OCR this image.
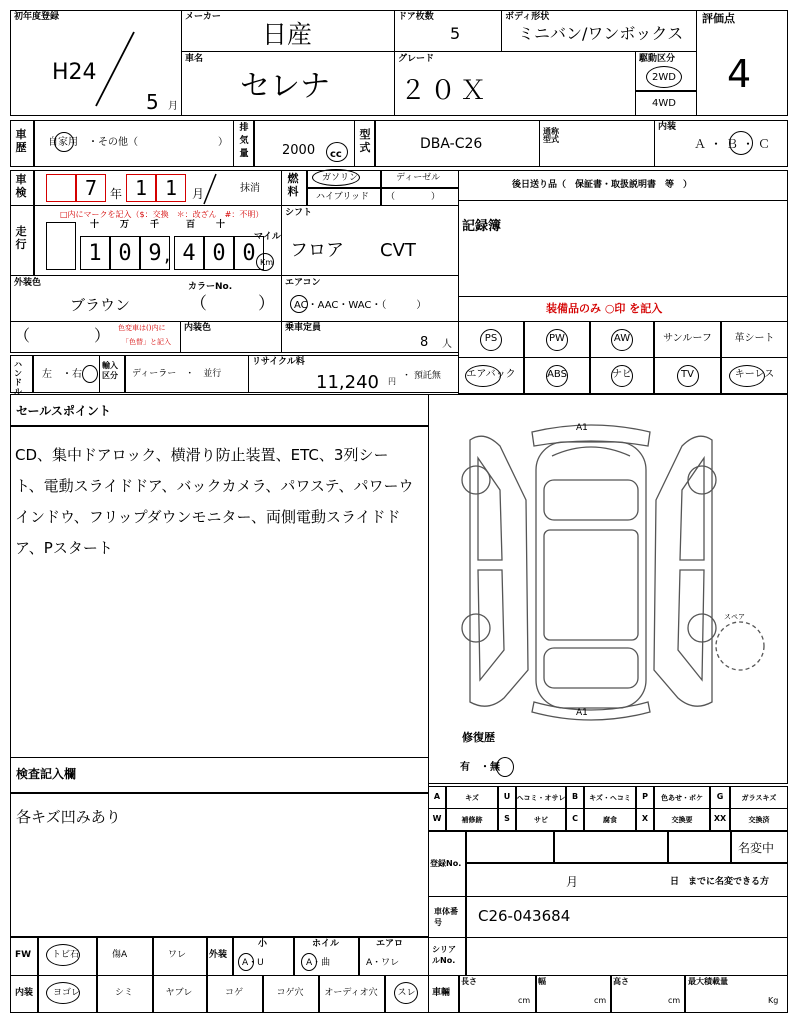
初年度登録
H24
5 月
メーカー
日産
ドア枚数
5
ボディ形状
ミニバン/ワンボックス
評価点
4
車名
セレナ
グレード
２０Ｘ
駆動区分
2WD
4WD
車歴 自家用　・その他（　　　　　　　　）
排気量	2000 cc
型式	DBA-C26
通称型式
内装
Ａ・Ｂ・Ｃ
車検	7	年 1 1	月	抹消
燃料
ガソリン	ディーゼル
ハイブリッド （　　　　）
後日送り品（　保証書・取扱説明書　等　）
走行
□内にマークを記入（$：交換　＊：改ざん　#：不明）
十 万 千	百 十
1 0 9 4 0 0
,
マイル
Km
シフト
フロア　　CVT
記録簿
外装色
ブラウン
カラーNo.
（　　　）
エアコン
AC・AAC・WAC・（　　　）	装備品のみ ○印 を記入
（　　　　） 色変車は()内に
「色替」と記入
内装色	乗車定員
8 人
PS	PW	AW	サンルーフ	革シート
エアバック	ABS	ナビ	TV	キーレス
ハンドル
左　・右
輸入区分	ディーラー　・　並行
リサイクル料
11,240 円
・ 預託無
セールスポイント
CD、集中ドアロック、横滑り防止装置、ETC、3列シート、電動スライドドア、バックカメラ、パワステ、パワーウインドウ、フリップダウンモニター、両側電動スライドドア、Pスタート
A1
A1
スペア
修復歴
有　・無
検査記入欄
各キズ凹みあり
A	キズ	U ヘコミ・オサレ B	キズ・ヘコミ	P	色あせ・ボケ	G	ガラスキズ
W	補修跡	S	サビ	C	腐食	X	交換要	XX	交換済
登録No.
名変中
月	日　までに名変できる方
車体番号	C26-043684
FW トビ石	傷A	ワレ	外装
小
A・U
ホイル
A・曲
エアロ
A・ワレ
シリアルNo.
内装	ヨゴレ	シミ	ヤブレ	コゲ	コゲ穴	オーディオ穴	スレ	車輛
長さ
cm
幅
cm
高さ
cm
最大積載量
Kg
